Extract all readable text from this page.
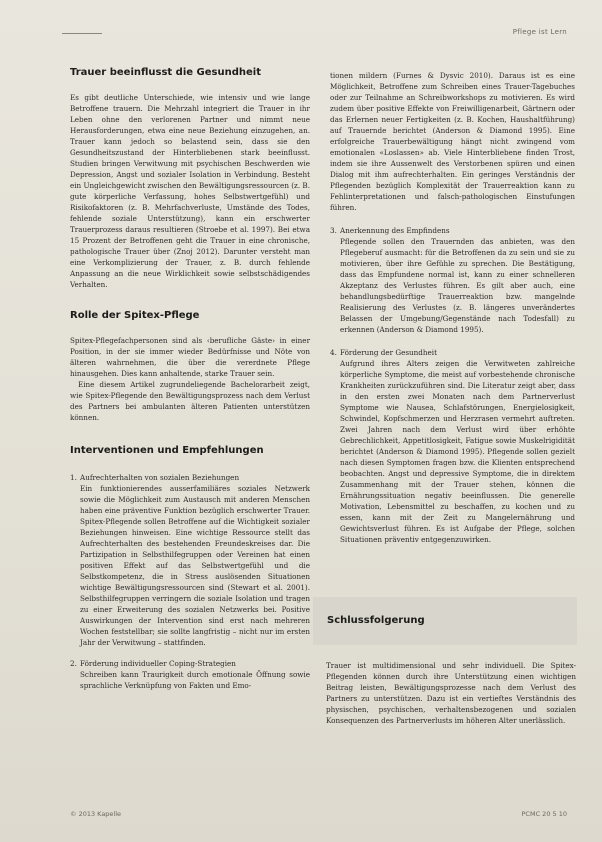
Pflege ist Lern
Trauer beeinflusst die Gesundheit

Es gibt deutliche Unterschiede, wie intensiv und wie lange Betroffene trauern. Die Mehrzahl integriert die Trauer in ihr Leben ohne den verlorenen Partner und nimmt neue Herausforderungen, etwa eine neue Beziehung einzugehen, an. Trauer kann jedoch so belastend sein, dass sie den Gesundheitszustand der Hinterbliebenen stark beeinflusst. Studien bringen Verwitwung mit psychischen Beschwerden wie Depression, Angst und sozialer Isolation in Verbindung. Besteht ein Ungleichgewicht zwischen den Bewältigungsressourcen (z. B. gute körperliche Verfassung, hohes Selbstwertgefühl) und Risikofaktoren (z. B. Mehrfachverluste, Umstände des Todes, fehlende soziale Unterstützung), kann ein erschwerter Trauerprozess daraus resultieren (Stroebe et al. 1997). Bei etwa 15 Prozent der Betroffenen geht die Trauer in eine chronische, pathologische Trauer über (Znoj 2012). Darunter versteht man eine Verkomplizierung der Trauer, z. B. durch fehlende Anpassung an die neue Wirklichkeit sowie selbstschädigendes Verhalten.

Rolle der Spitex-Pflege

Spitex-Pflegefachpersonen sind als ‹berufliche Gäste› in einer Position, in der sie immer wieder Bedürfnisse und Nöte von älteren wahrnehmen, die über die vererdnete Pflege hinausgehen. Dies kann anhaltende, starke Trauer sein.

Eine diesem Artikel zugrundeliegende Bachelorarbeit zeigt, wie Spitex-Pflegende den Bewältigungsprozess nach dem Verlust des Partners bei ambulanten älteren Patienten unterstützen können.

Interventionen und Empfehlungen
1. Aufrechterhalten von sozialen Beziehungen
Ein funktionierendes ausserfamiliäres soziales Netzwerk sowie die Möglichkeit zum Austausch mit anderen Menschen haben eine präventive Funktion bezüglich erschwerter Trauer. Spitex-Pflegende sollen Betroffene auf die Wichtigkeit sozialer Beziehungen hinweisen. Eine wichtige Ressource stellt das Aufrechterhalten des bestehenden Freundeskreises dar. Die Partizipation in Selbsthilfegruppen oder Vereinen hat einen positiven Effekt auf das Selbstwertgefühl und die Selbstkompetenz, die in Stress auslösenden Situationen wichtige Bewältigungsressourcen sind (Stewart et al. 2001). Selbsthilfegruppen verringern die soziale Isolation und tragen zu einer Erweiterung des sozialen Netzwerks bei. Positive Auswirkungen der Intervention sind erst nach mehreren Wochen feststellbar; sie sollte langfristig – nicht nur im ersten Jahr der Verwitwung – stattfinden.
2. Förderung individueller Coping-Strategien
Schreiben kann Traurigkeit durch emotionale Öffnung sowie sprachliche Verknüpfung von Fakten und Emo-

tionen mildern (Furnes & Dysvic 2010). Daraus ist es eine Möglichkeit, Betroffene zum Schreiben eines Trauer-Tagebuches oder zur Teilnahme an Schreibworkshops zu motivieren. Es wird zudem über positive Effekte von Freiwilligenarbeit, Gärtnern oder das Erlernen neuer Fertigkeiten (z. B. Kochen, Haushaltführung) auf Trauernde berichtet (Anderson & Diamond 1995). Eine erfolgreiche Trauerbewältigung hängt nicht zwingend vom emotionalen «Loslassen» ab. Viele Hinterbliebene finden Trost, indem sie ihre Aussenwelt des Verstorbenen spüren und einen Dialog mit ihm aufrechterhalten. Ein geringes Verständnis der Pflegenden bezüglich Komplexität der Trauerreaktion kann zu Fehlinterpretationen und falsch-pathologischen Einstufungen führen.

3. Anerkennung des Empfindens
Pflegende sollen den Trauernden das anbieten, was den Pflegeberuf ausmacht: für die Betroffenen da zu sein und sie zu motivieren, über ihre Gefühle zu sprechen. Die Bestätigung, dass das Empfundene normal ist, kann zu einer schnelleren Akzeptanz des Verlustes führen. Es gilt aber auch, eine behandlungsbedürftige Trauerreaktion bzw. mangelnde Realisierung des Verlustes (z. B. längeres unverändertes Belassen der Umgebung/Gegenstände nach Todesfall) zu erkennen (Anderson & Diamond 1995).
4. Förderung der Gesundheit
Aufgrund ihres Alters zeigen die Verwitweten zahlreiche körperliche Symptome, die meist auf vorbestehende chronische Krankheiten zurückzuführen sind. Die Literatur zeigt aber, dass in den ersten zwei Monaten nach dem Partnerverlust Symptome wie Nausea, Schlafstörungen, Energielosigkeit, Schwindel, Kopfschmerzen und Herzrasen vermehrt auftreten. Zwei Jahren nach dem Verlust wird über erhöhte Gebrechlichkeit, Appetitlosigkeit, Fatigue sowie Muskelrigidität berichtet (Anderson & Diamond 1995). Pflegende sollen gezielt nach diesen Symptomen fragen bzw. die Klienten entsprechend beobachten. Angst und depressive Symptome, die in direktem Zusammenhang mit der Trauer stehen, können die Ernährungssituation negativ beeinflussen. Die generelle Motivation, Lebensmittel zu beschaffen, zu kochen und zu essen, kann mit der Zeit zu Mangelernährung und Gewichtsverlust führen. Es ist Aufgabe der Pflege, solchen Situationen präventiv entgegenzuwirken.
Schlussfolgerung

Trauer ist multidimensional und sehr individuell. Die Spitex-Pflegenden können durch ihre Unterstützung einen wichtigen Beitrag leisten, Bewältigungsprozesse nach dem Verlust des Partners zu unterstützen. Dazu ist ein vertieftes Verständnis des physischen, psychischen, verhaltensbezogenen und sozialen Konsequenzen des Partnerverlusts im höheren Alter unerlässlich.

© 2013 Kapelle	PCMC 20 5 10
